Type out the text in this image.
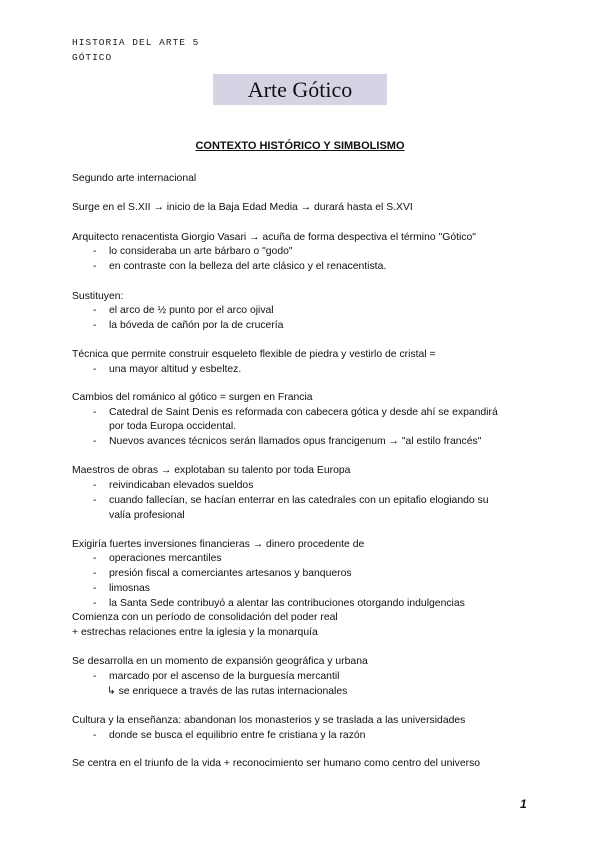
HISTORIA DEL ARTE 5
GÓTICO
Arte Gótico
CONTEXTO HISTÓRICO Y SIMBOLISMO
Segundo arte internacional
Surge en el S.XII → inicio de la Baja Edad Media → durará hasta el S.XVI
Arquitecto renacentista Giorgio Vasari → acuña de forma despectiva el término "Gótico"
- lo consideraba un arte bárbaro o "godo"
- en contraste con la belleza del arte clásico y el renacentista.
Sustituyen:
- el arco de ½ punto por el arco ojival
- la bóveda de cañón por la de crucería
Técnica que permite construir esqueleto flexible de piedra y vestirlo de cristal =
- una mayor altitud y esbeltez.
Cambios del románico al gótico = surgen en Francia
- Catedral de Saint Denis es reformada con cabecera gótica y desde ahí se expandirá
por toda Europa occidental.
- Nuevos avances técnicos serán llamados opus francigenum → "al estilo francés"
Maestros de obras → explotaban su talento por toda Europa
- reivindicaban elevados sueldos
- cuando fallecían, se hacían enterrar en las catedrales con un epitafio elogiando su
valía profesional
Exigiría fuertes inversiones financieras → dinero procedente de
- operaciones mercantiles
- presión fiscal a comerciantes artesanos y banqueros
- limosnas
- la Santa Sede contribuyó a alentar las contribuciones otorgando indulgencias
Comienza con un período de consolidación del poder real
+ estrechas relaciones entre la iglesia y la monarquía
Se desarrolla en un momento de expansión geográfica y urbana
- marcado por el ascenso de la burguesía mercantil
↳ se enriquece a través de las rutas internacionales
Cultura y la enseñanza: abandonan los monasterios y se traslada a las universidades
- donde se busca el equilibrio entre fe cristiana y la razón
Se centra en el triunfo de la vida + reconocimiento ser humano como centro del universo
1
